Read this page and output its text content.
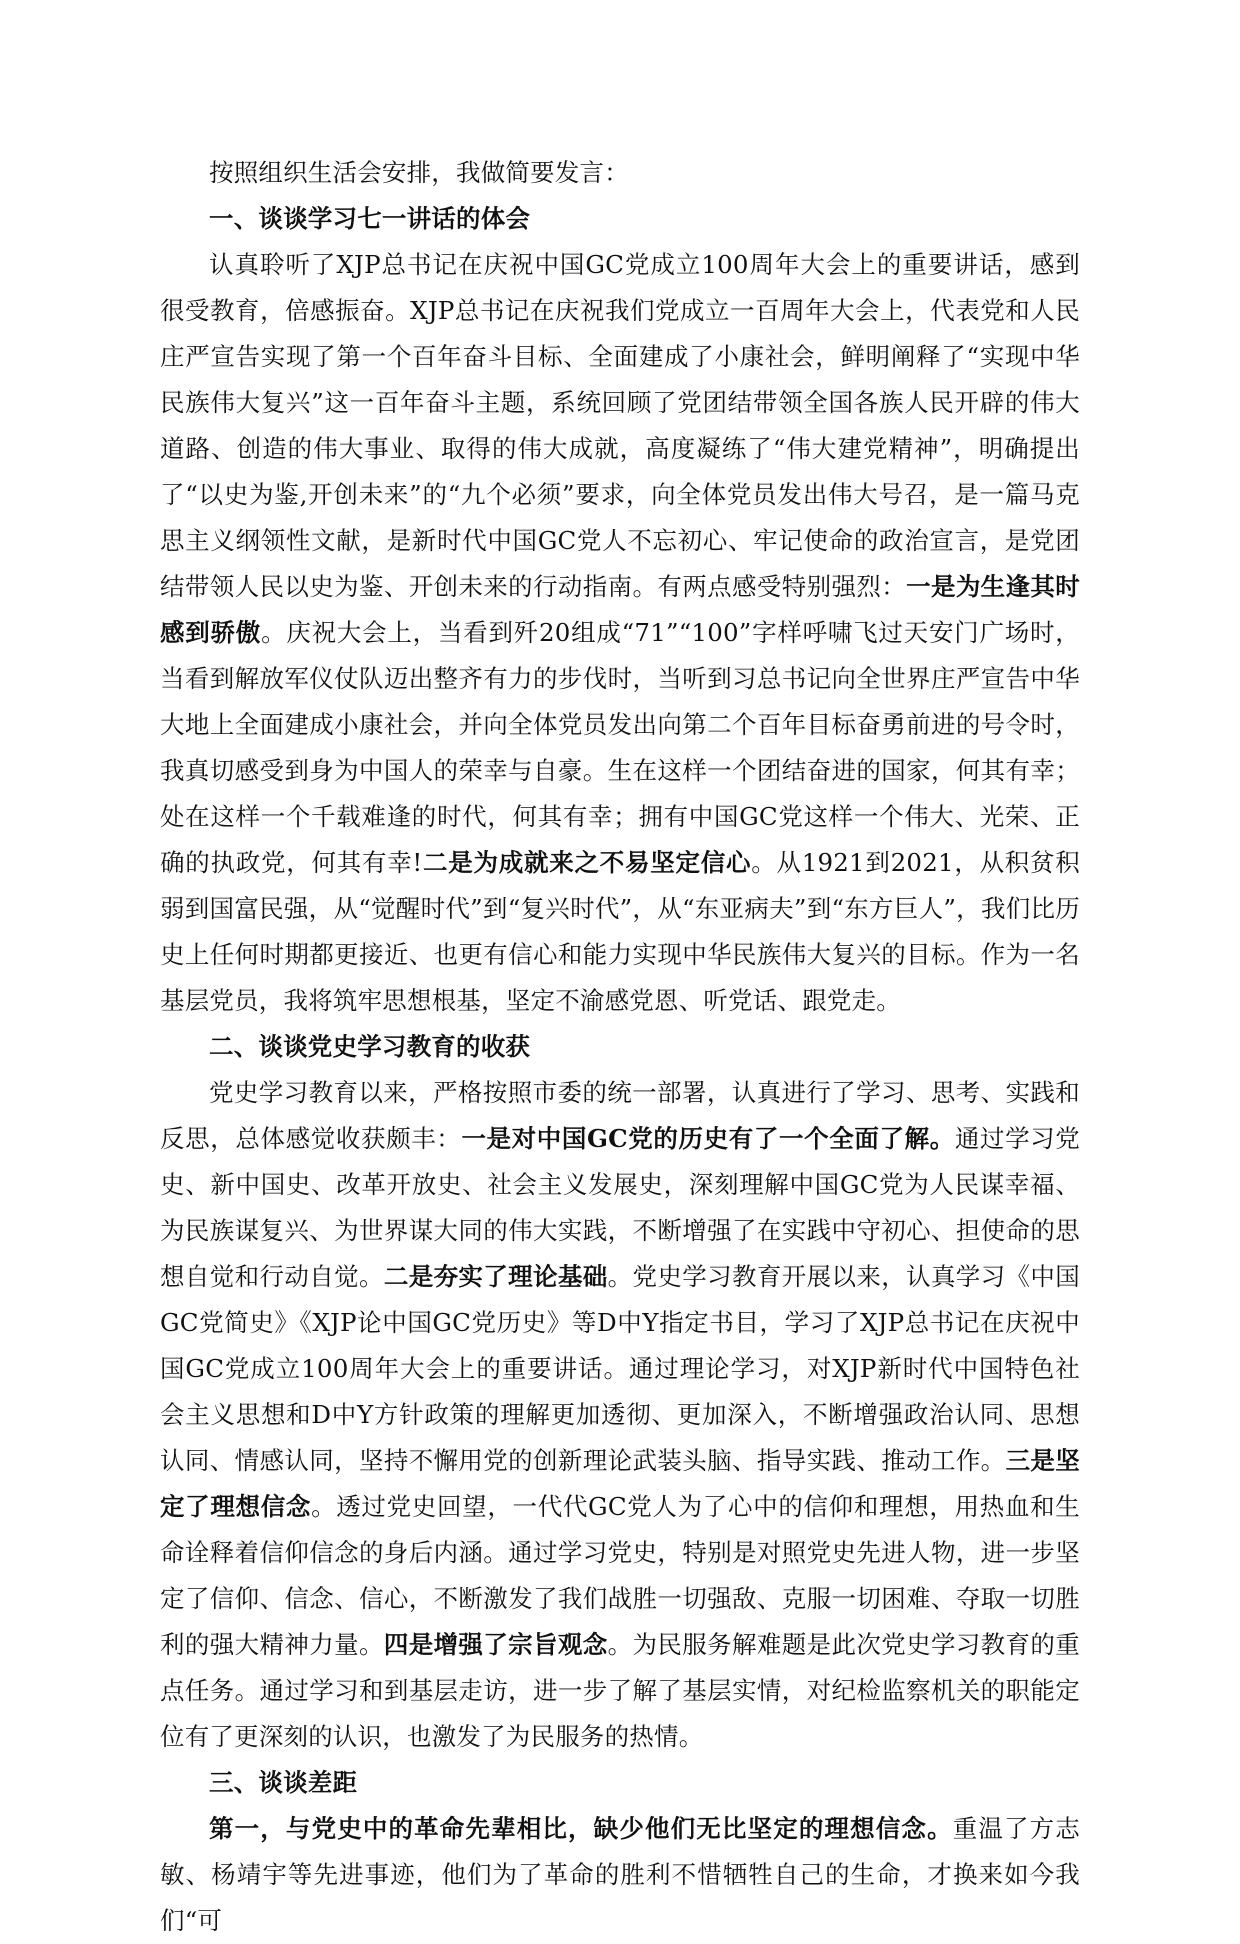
按照组织生活会安排，我做简要发言：

一、谈谈学习七一讲话的体会

认真聆听了XJP总书记在庆祝中国GC党成立100周年大会上的重要讲话，感到很受教育，倍感振奋。XJP总书记在庆祝我们党成立一百周年大会上，代表党和人民庄严宣告实现了第一个百年奋斗目标、全面建成了小康社会，鲜明阐释了“实现中华民族伟大复兴”这一百年奋斗主题，系统回顾了党团结带领全国各族人民开辟的伟大道路、创造的伟大事业、取得的伟大成就，高度凝练了“伟大建党精神”，明确提出了“以史为鉴,开创未来”的“九个必须”要求，向全体党员发出伟大号召，是一篇马克思主义纲领性文献，是新时代中国GC党人不忘初心、牢记使命的政治宣言，是党团结带领人民以史为鉴、开创未来的行动指南。有两点感受特别强烈：一是为生逢其时感到骄傲。庆祝大会上，当看到歼20组成“71”“100”字样呼啸飞过天安门广场时，当看到解放军仪仗队迈出整齐有力的步伐时，当听到习总书记向全世界庄严宣告中华大地上全面建成小康社会，并向全体党员发出向第二个百年目标奋勇前进的号令时，我真切感受到身为中国人的荣幸与自豪。生在这样一个团结奋进的国家，何其有幸；处在这样一个千载难逢的时代，何其有幸；拥有中国GC党这样一个伟大、光荣、正确的执政党，何其有幸!二是为成就来之不易坚定信心。从1921到2021，从积贫积弱到国富民强，从“觉醒时代”到“复兴时代”，从“东亚病夫”到“东方巨人”，我们比历史上任何时期都更接近、也更有信心和能力实现中华民族伟大复兴的目标。作为一名基层党员，我将筑牢思想根基，坚定不渝感党恩、听党话、跟党走。

二、谈谈党史学习教育的收获

党史学习教育以来，严格按照市委的统一部署，认真进行了学习、思考、实践和反思，总体感觉收获颇丰：一是对中国GC党的历史有了一个全面了解。通过学习党史、新中国史、改革开放史、社会主义发展史，深刻理解中国GC党为人民谋幸福、为民族谋复兴、为世界谋大同的伟大实践，不断增强了在实践中守初心、担使命的思想自觉和行动自觉。二是夯实了理论基础。党史学习教育开展以来，认真学习《中国GC党简史》《XJP论中国GC党历史》等D中Y指定书目，学习了XJP总书记在庆祝中国GC党成立100周年大会上的重要讲话。通过理论学习，对XJP新时代中国特色社会主义思想和D中Y方针政策的理解更加透彻、更加深入，不断增强政治认同、思想认同、情感认同，坚持不懈用党的创新理论武装头脑、指导实践、推动工作。三是坚定了理想信念。透过党史回望，一代代GC党人为了心中的信仰和理想，用热血和生命诠释着信仰信念的身后内涵。通过学习党史，特别是对照党史先进人物，进一步坚定了信仰、信念、信心，不断激发了我们战胜一切强敌、克服一切困难、夺取一切胜利的强大精神力量。四是增强了宗旨观念。为民服务解难题是此次党史学习教育的重点任务。通过学习和到基层走访，进一步了解了基层实情，对纪检监察机关的职能定位有了更深刻的认识，也激发了为民服务的热情。

三、谈谈差距

第一，与党史中的革命先辈相比，缺少他们无比坚定的理想信念。重温了方志敏、杨靖宇等先进事迹，他们为了革命的胜利不惜牺牲自己的生命，才换来如今我们“可
